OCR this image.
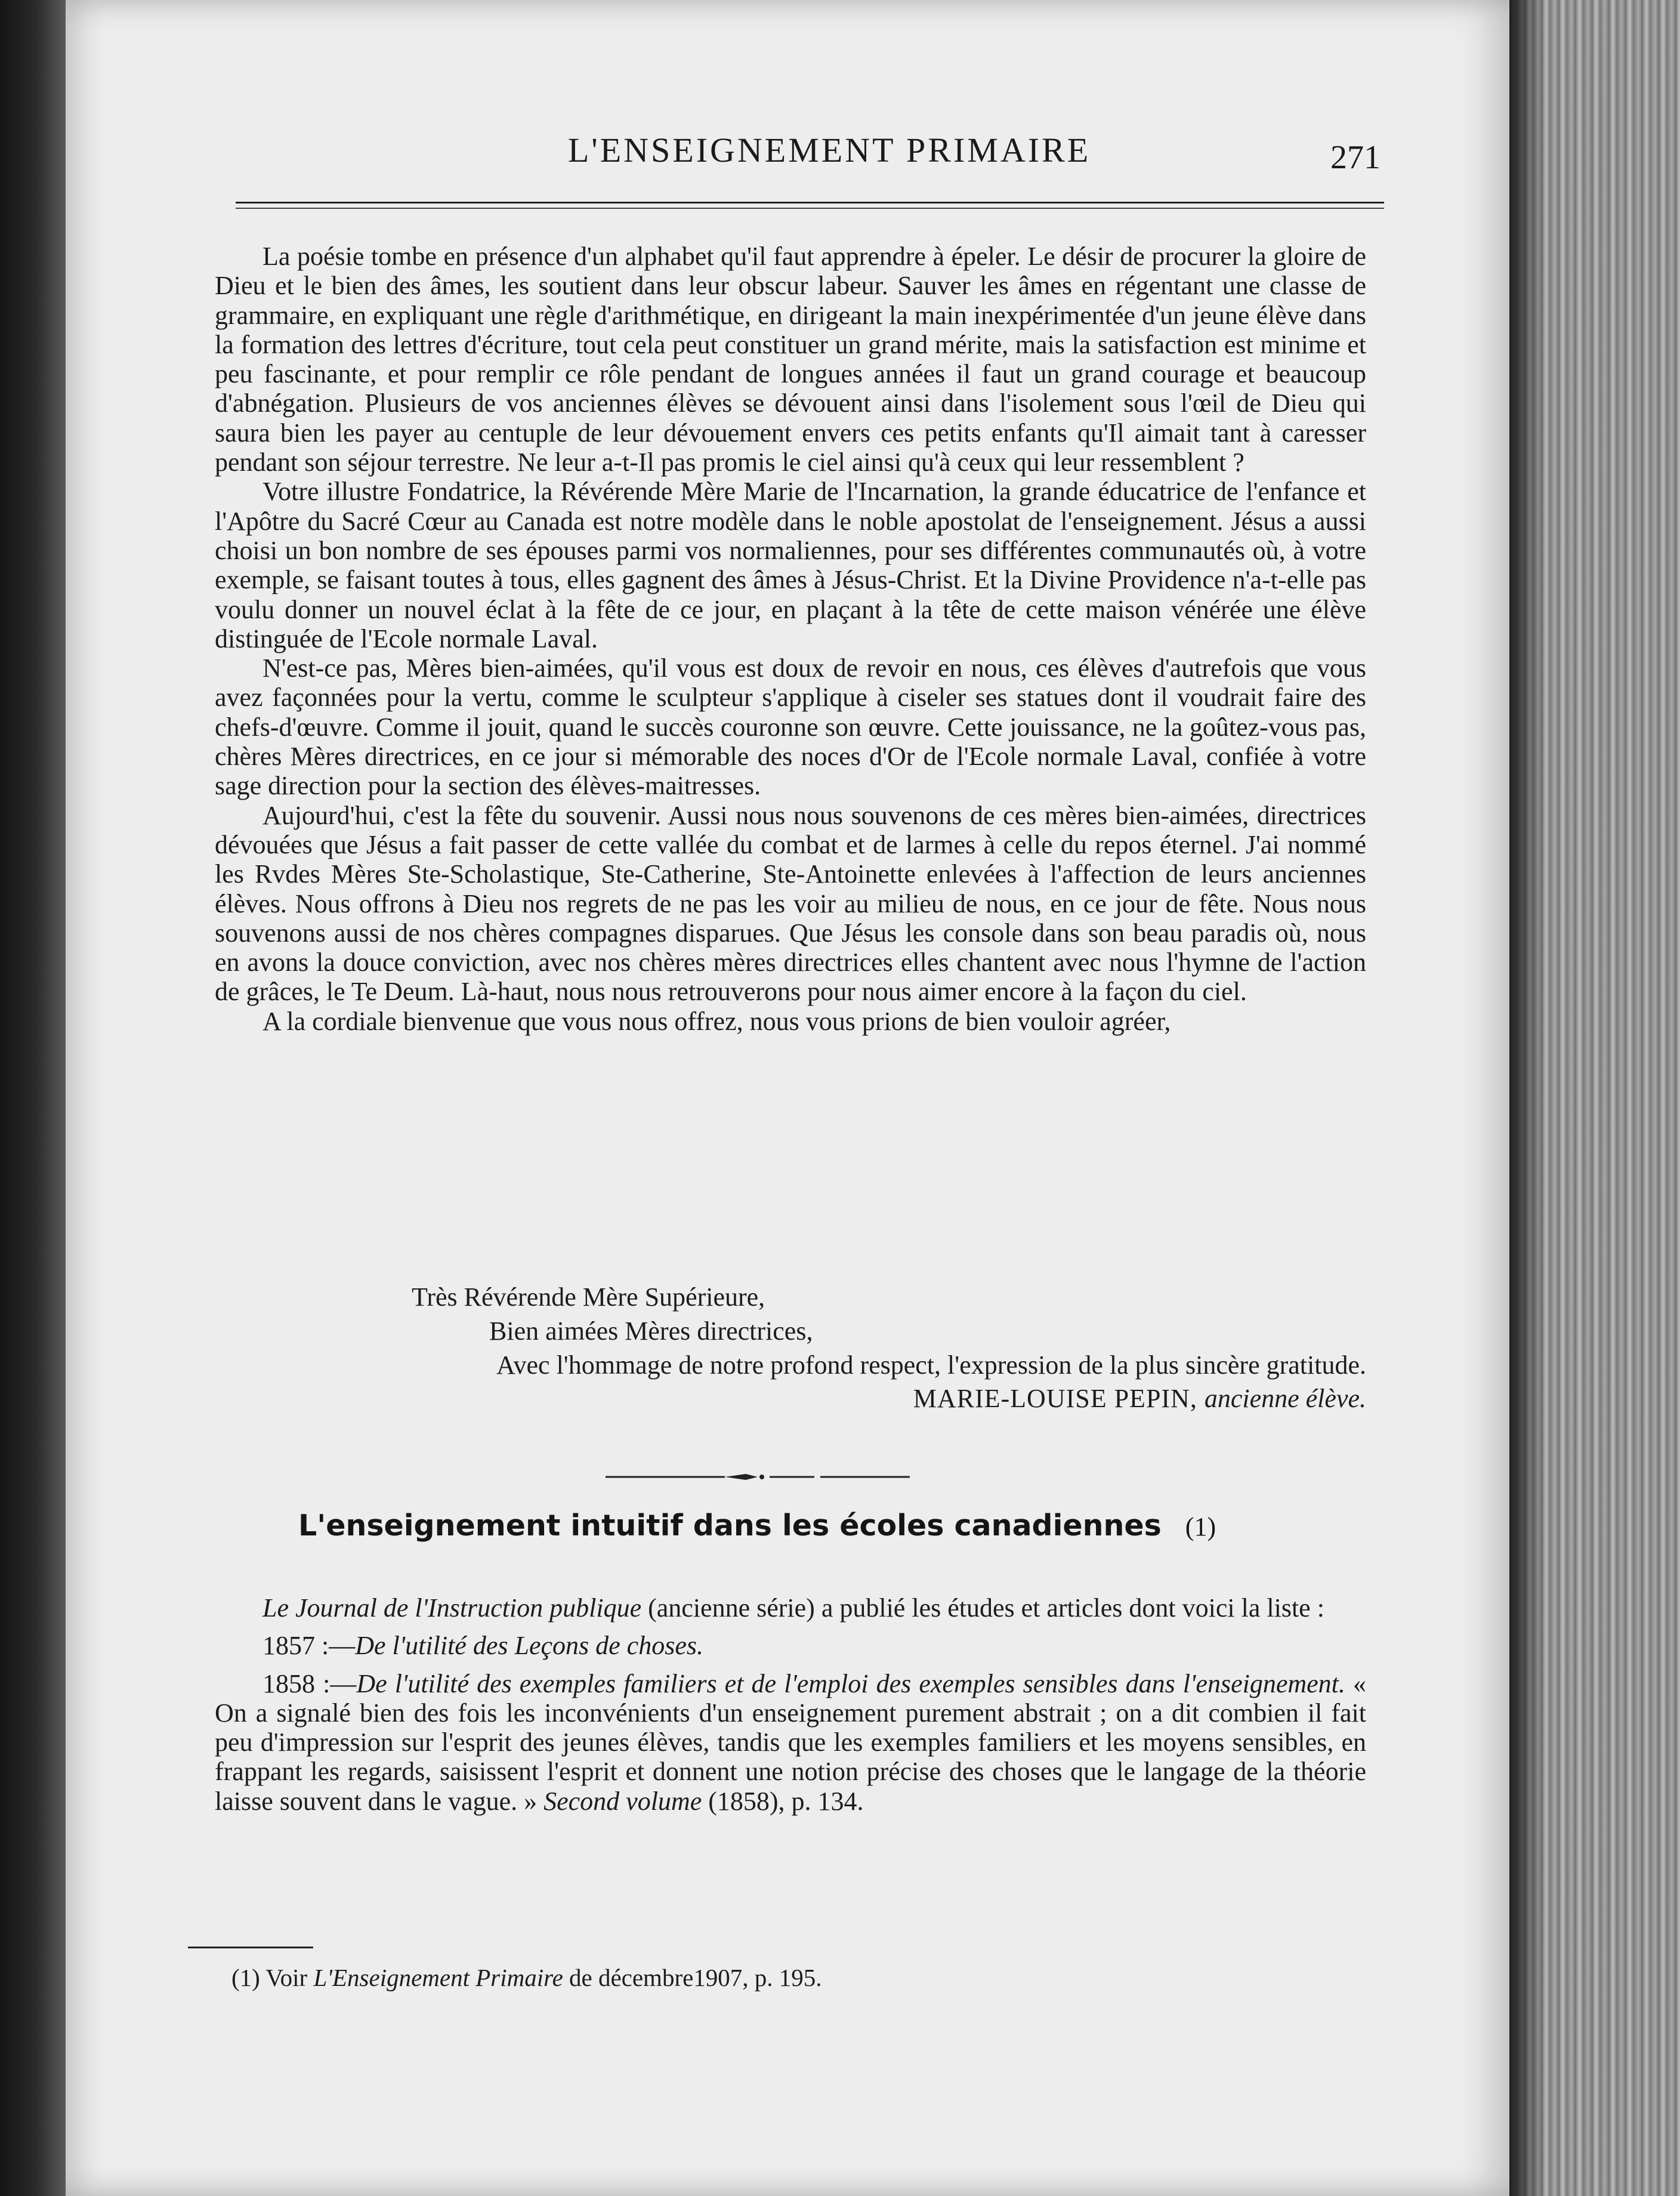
L'ENSEIGNEMENT PRIMAIRE	271

La poésie tombe en présence d'un alphabet qu'il faut apprendre à épeler. Le désir de procurer la gloire de Dieu et le bien des âmes, les soutient dans leur obscur labeur. Sauver les âmes en régentant une classe de grammaire, en expliquant une règle d'arithmétique, en dirigeant la main inexpérimentée d'un jeune élève dans la formation des lettres d'écriture, tout cela peut constituer un grand mérite, mais la satisfaction est minime et peu fascinante, et pour remplir ce rôle pendant de longues années il faut un grand courage et beaucoup d'abnégation. Plusieurs de vos anciennes élèves se dévouent ainsi dans l'isolement sous l'œil de Dieu qui saura bien les payer au centuple de leur dévouement envers ces petits enfants qu'Il aimait tant à caresser pendant son séjour terrestre. Ne leur a-t-Il pas promis le ciel ainsi qu'à ceux qui leur ressemblent ?

Votre illustre Fondatrice, la Révérende Mère Marie de l'Incarnation, la grande éducatrice de l'enfance et l'Apôtre du Sacré Cœur au Canada est notre modèle dans le noble apostolat de l'enseignement. Jésus a aussi choisi un bon nombre de ses épouses parmi vos normaliennes, pour ses différentes communautés où, à votre exemple, se faisant toutes à tous, elles gagnent des âmes à Jésus-Christ. Et la Divine Providence n'a-t-elle pas voulu donner un nouvel éclat à la fête de ce jour, en plaçant à la tête de cette maison vénérée une élève distinguée de l'Ecole normale Laval.

N'est-ce pas, Mères bien-aimées, qu'il vous est doux de revoir en nous, ces élèves d'autrefois que vous avez façonnées pour la vertu, comme le sculpteur s'applique à ciseler ses statues dont il voudrait faire des chefs-d'œuvre. Comme il jouit, quand le succès couronne son œuvre. Cette jouissance, ne la goûtez-vous pas, chères Mères directrices, en ce jour si mémorable des noces d'Or de l'Ecole normale Laval, confiée à votre sage direction pour la section des élèves-maitresses.

Aujourd'hui, c'est la fête du souvenir. Aussi nous nous souvenons de ces mères bien-aimées, directrices dévouées que Jésus a fait passer de cette vallée du combat et de larmes à celle du repos éternel. J'ai nommé les Rvdes Mères Ste-Scholastique, Ste-Catherine, Ste-Antoinette enlevées à l'affection de leurs anciennes élèves. Nous offrons à Dieu nos regrets de ne pas les voir au milieu de nous, en ce jour de fête. Nous nous souvenons aussi de nos chères compagnes disparues. Que Jésus les console dans son beau paradis où, nous en avons la douce conviction, avec nos chères mères directrices elles chantent avec nous l'hymne de l'action de grâces, le Te Deum. Là-haut, nous nous retrouverons pour nous aimer encore à la façon du ciel.

A la cordiale bienvenue que vous nous offrez, nous vous prions de bien vouloir agréer,

Très Révérende Mère Supérieure,
Bien aimées Mères directrices,
Avec l'hommage de notre profond respect, l'expression de la plus sincère gratitude.
MARIE-LOUISE PEPIN, ancienne élève.
L'enseignement intuitif dans les écoles canadiennes (1)

Le Journal de l'Instruction publique (ancienne série) a publié les études et articles dont voici la liste :

1857 :—De l'utilité des Leçons de choses.

1858 :—De l'utilité des exemples familiers et de l'emploi des exemples sensibles dans l'enseignement. « On a signalé bien des fois les inconvénients d'un enseignement purement abstrait ; on a dit combien il fait peu d'impression sur l'esprit des jeunes élèves, tandis que les exemples familiers et les moyens sensibles, en frappant les regards, saisissent l'esprit et donnent une notion précise des choses que le langage de la théorie laisse souvent dans le vague. » Second volume (1858), p. 134.

(1) Voir L'Enseignement Primaire de décembre1907, p. 195.
